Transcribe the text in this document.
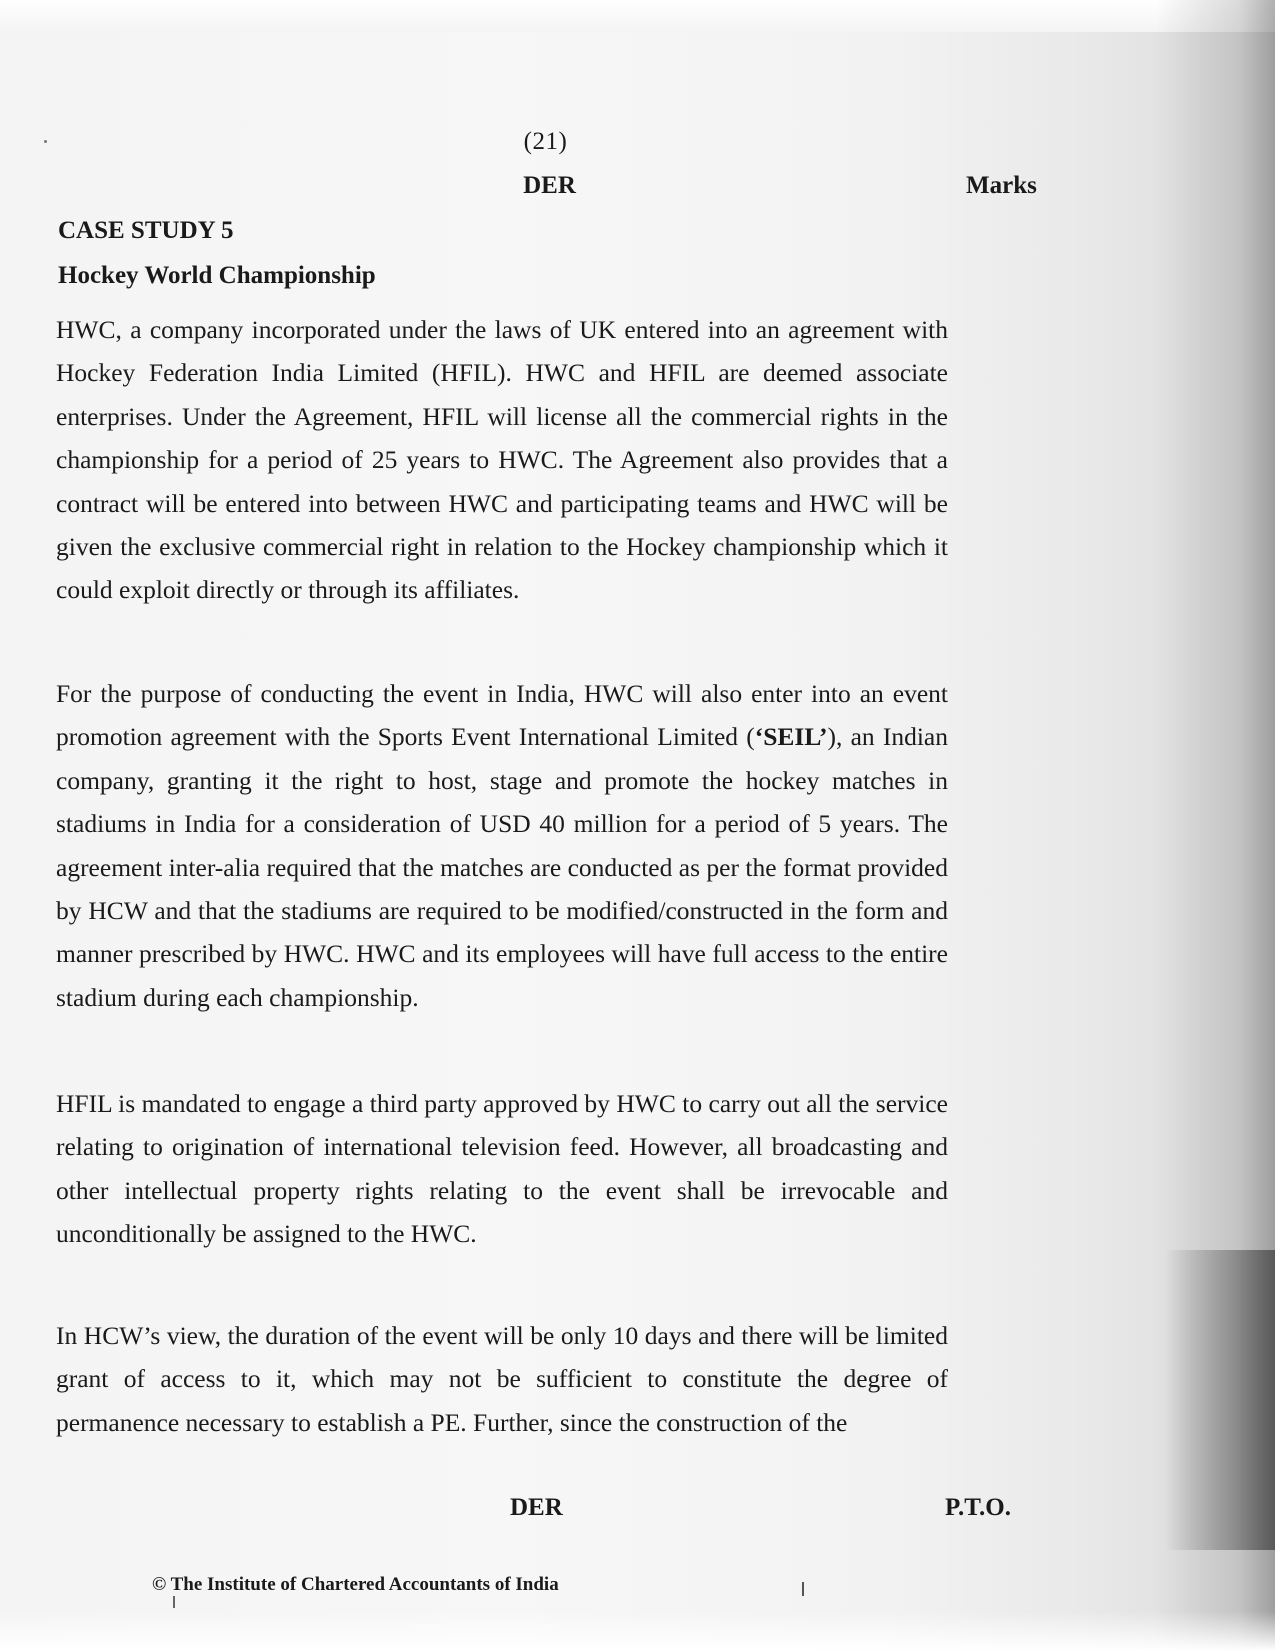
(21)
DER	Marks
CASE STUDY 5
Hockey World Championship

HWC, a company incorporated under the laws of UK entered into an agreement with Hockey Federation India Limited (HFIL). HWC and HFIL are deemed associate enterprises. Under the Agreement, HFIL will license all the commercial rights in the championship for a period of 25 years to HWC. The Agreement also provides that a contract will be entered into between HWC and participating teams and HWC will be given the exclusive commercial right in relation to the Hockey championship which it could exploit directly or through its affiliates.

For the purpose of conducting the event in India, HWC will also enter into an event promotion agreement with the Sports Event International Limited (‘SEIL’), an Indian company, granting it the right to host, stage and promote the hockey matches in stadiums in India for a consideration of USD 40 million for a period of 5 years. The agreement inter-alia required that the matches are conducted as per the format provided by HCW and that the stadiums are required to be modified/constructed in the form and manner prescribed by HWC. HWC and its employees will have full access to the entire stadium during each championship.

HFIL is mandated to engage a third party approved by HWC to carry out all the service relating to origination of international television feed. However, all broadcasting and other intellectual property rights relating to the event shall be irrevocable and unconditionally be assigned to the HWC.

In HCW’s view, the duration of the event will be only 10 days and there will be limited grant of access to it, which may not be sufficient to constitute the degree of permanence necessary to establish a PE. Further, since the construction of the

DER	P.T.O.
© The Institute of Chartered Accountants of India
